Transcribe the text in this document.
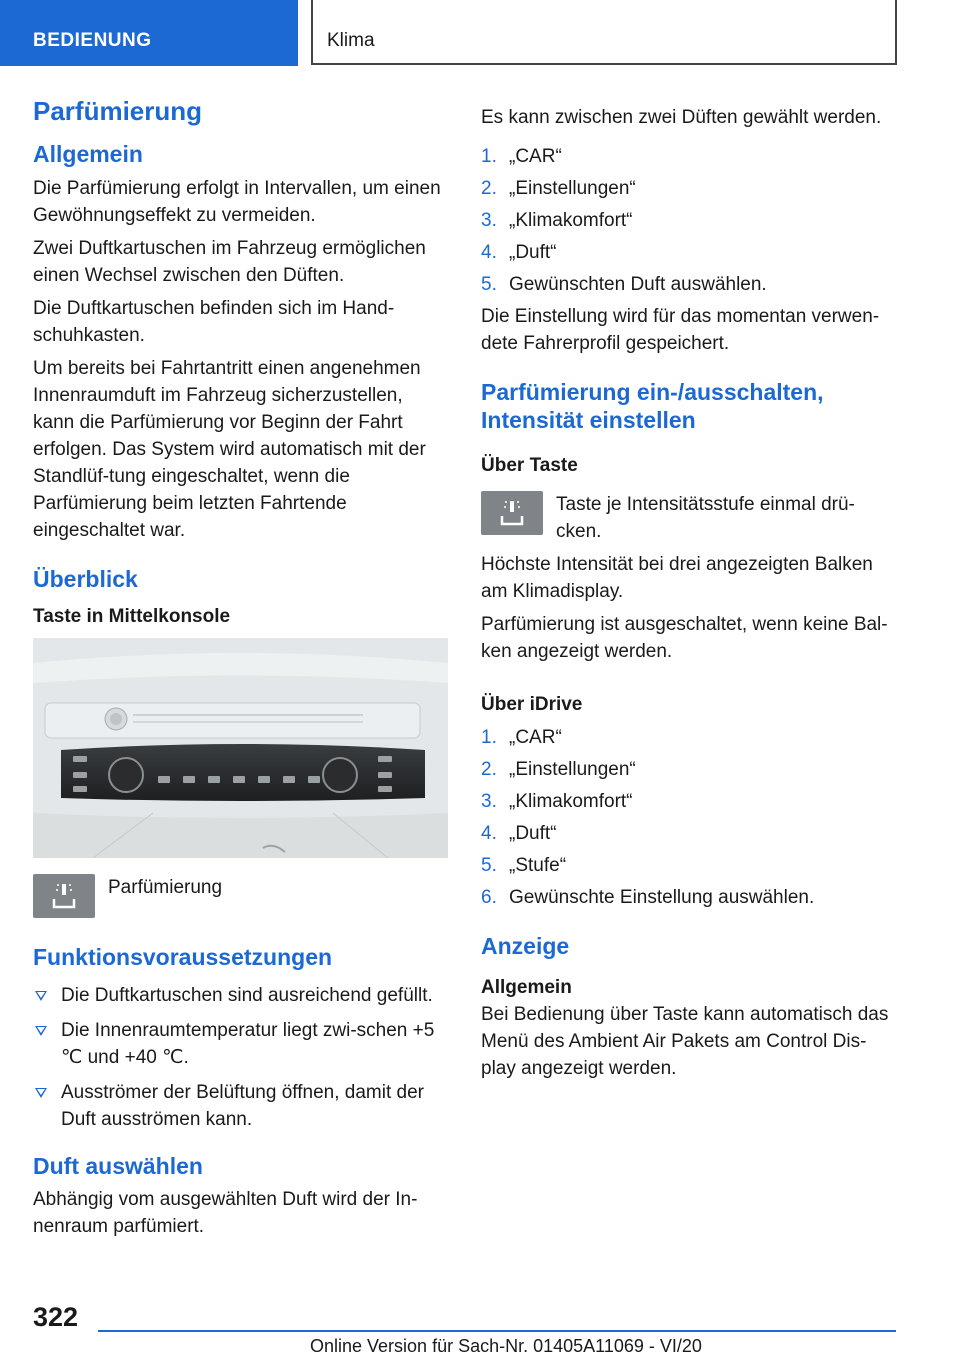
BEDIENUNG	Klima
Parfümierung
Allgemein

Die Parfümierung erfolgt in Intervallen, um einen Gewöhnungseffekt zu vermeiden.

Zwei Duftkartuschen im Fahrzeug ermöglichen einen Wechsel zwischen den Düften.

Die Duftkartuschen befinden sich im Hand-schuhkasten.

Um bereits bei Fahrtantritt einen angenehmen Innenraumduft im Fahrzeug sicherzustellen, kann die Parfümierung vor Beginn der Fahrt erfolgen. Das System wird automatisch mit der Standlüf-tung eingeschaltet, wenn die Parfümierung beim letzten Fahrtende eingeschaltet war.

Überblick
Taste in Mittelkonsole
Parfümierung
Funktionsvoraussetzungen
Die Duftkartuschen sind ausreichend gefüllt.
Die Innenraumtemperatur liegt zwi-schen +5 ℃ und +40 ℃.
Ausströmer der Belüftung öffnen, damit der Duft ausströmen kann.
Duft auswählen

Abhängig vom ausgewählten Duft wird der In-nenraum parfümiert.

Es kann zwischen zwei Düften gewählt werden.

1. „CAR“
2. „Einstellungen“
3. „Klimakomfort“
4. „Duft“
5. Gewünschten Duft auswählen.

Die Einstellung wird für das momentan verwen-dete Fahrerprofil gespeichert.

Parfümierung ein-/ausschalten, Intensität einstellen
Über Taste
Taste je Intensitätsstufe einmal drü-cken.

Höchste Intensität bei drei angezeigten Balken am Klimadisplay.

Parfümierung ist ausgeschaltet, wenn keine Bal-ken angezeigt werden.

Über iDrive
1. „CAR“
2. „Einstellungen“
3. „Klimakomfort“
4. „Duft“
5. „Stufe“
6. Gewünschte Einstellung auswählen.
Anzeige
Allgemein

Bei Bedienung über Taste kann automatisch das Menü des Ambient Air Pakets am Control Dis-play angezeigt werden.

322
Online Version für Sach-Nr. 01405A11069 - VI/20
